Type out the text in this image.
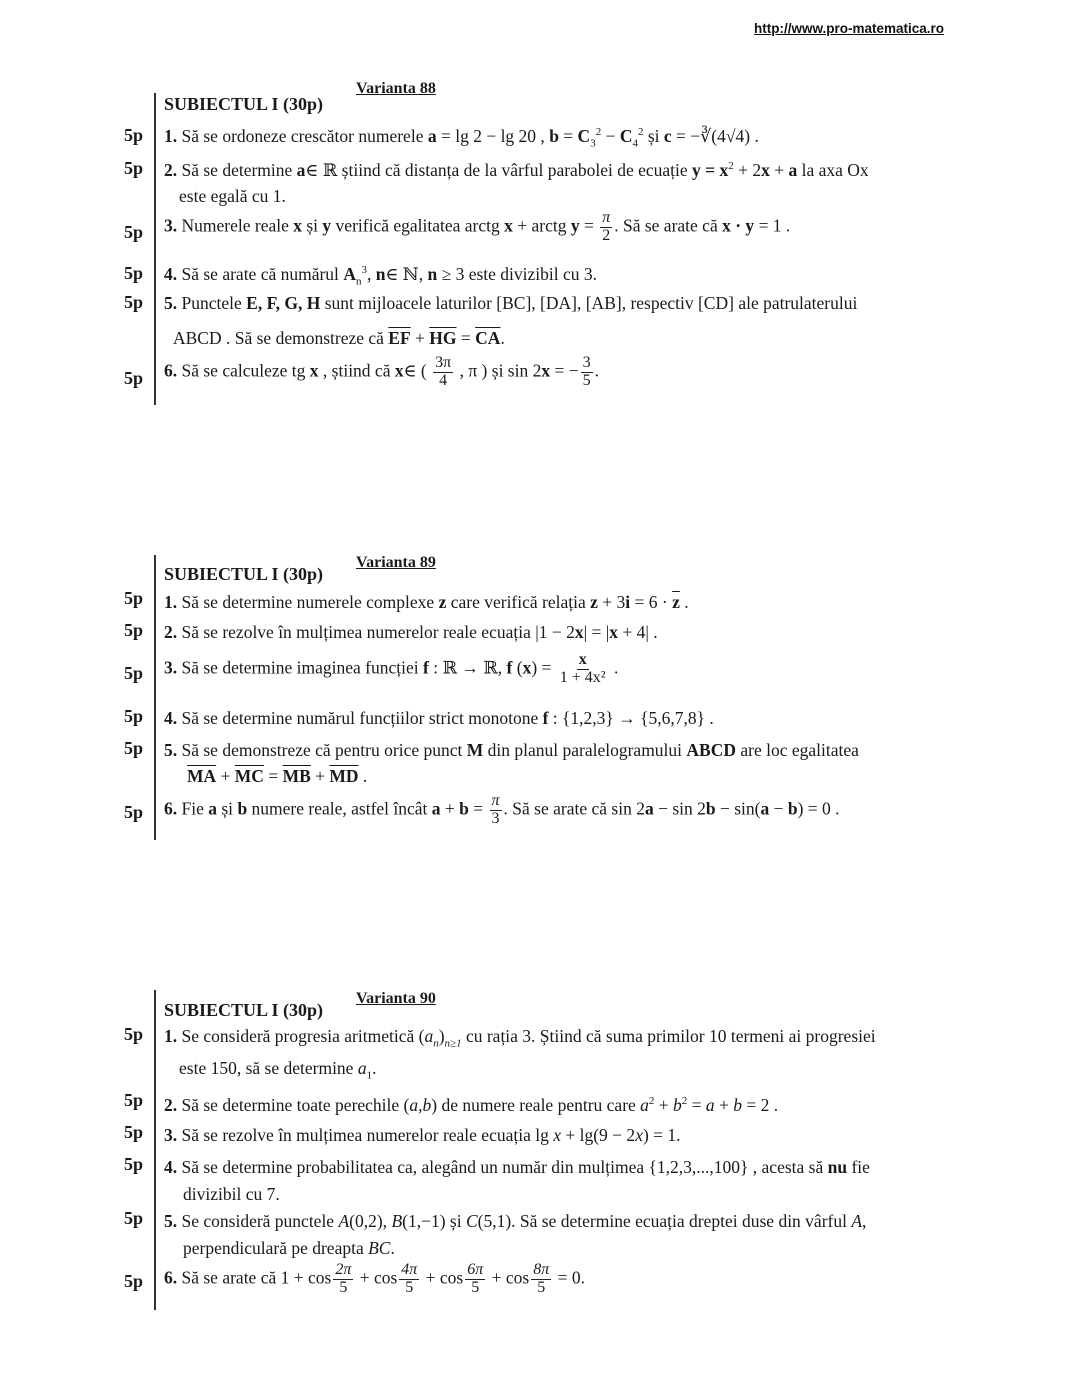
http://www.pro-matematica.ro
Varianta 88
SUBIECTUL I (30p)
5p 1. Să se ordoneze crescător numerele a = lg 2 − lg 20 , $b = C_3^2 - C_4^2$ și c = −∛(4√4) .
5p 2. Să se determine a∈ ℝ știind că distanța de la vârful parabolei de ecuație $y = x^2 + 2x + a$ la axa Ox
este egală cu 1.
5p 3. Numerele reale x și y verifică egalitatea arctg x + arctg $y = \frac{\pi}{2}$ . Să se arate că x · y = 1 .
5p 4. Să se arate că numărul $A_n^3$, n∈ ℕ, n ≥ 3 este divizibil cu 3.
5p 5. Punctele E, F, G, H sunt mijloacele laturilor [BC], [DA], [AB], respectiv [CD] ale patrulaterului
ABCD . Să se demonstreze că $\overline{EF} + \overline{HG} = \overline{CA}$.
5p 6. Să se calculeze tg x , știind că x∈ ( $\frac{3\pi}{4}$ , π ) și sin 2x = − $\frac{3}{5}$ .
Varianta 89
SUBIECTUL I (30p)
5p 1. Să se determine numerele complexe z care verifică relația $z + 3i = 6 \cdot \overline{z}$ .
5p 2. Să se rezolve în mulțimea numerelor reale ecuația |1 − 2x| = |x + 4| .
5p 3. Să se determine imaginea funcției f : ℝ → ℝ, f $(x) = \frac{x}{\text{1 + 4x²}}$ .
5p 4. Să se determine numărul funcțiilor strict monotone f : {1,2,3} → {5,6,7,8} .
5p 5. Să se demonstreze că pentru orice punct M din planul paralelogramului ABCD are loc egalitatea
$\overline{MA} + \overline{MC} = \overline{MB} + \overline{MD}$ .
5p 6. Fie a și b numere reale, astfel încât $a + b = \frac{\pi}{3}$ . Să se arate că sin 2a − sin 2b − sin(a − b) = 0 .
Varianta 90
SUBIECTUL I (30p)
5p 1. Se consideră progresia aritmetică $(a_n)_{n\ge 1}$ cu rația 3. Știind că suma primilor 10 termeni ai progresiei
este 150, să se determine $a_1$.
5p 2. Să se determine toate perechile (a,b) de numere reale pentru care $a^2 + b^2 = a + b = 2$ .
5p 3. Să se rezolve în mulțimea numerelor reale ecuația lg x + lg(9 − 2x) = 1.
5p 4. Să se determine probabilitatea ca, alegând un număr din mulțimea {1,2,3,...,100} , acesta să nu fie
divizibil cu 7.
5p 5. Se consideră punctele A(0,2), B(1,−1) și C(5,1). Să se determine ecuația dreptei duse din vârful A,
perpendiculară pe dreapta BC.
5p 6. Să se arate că $1 + \cos \frac{2\pi}{5} + \cos \frac{4\pi}{5} + \cos \frac{6\pi}{5} + \cos \frac{8\pi}{5} = 0$.
